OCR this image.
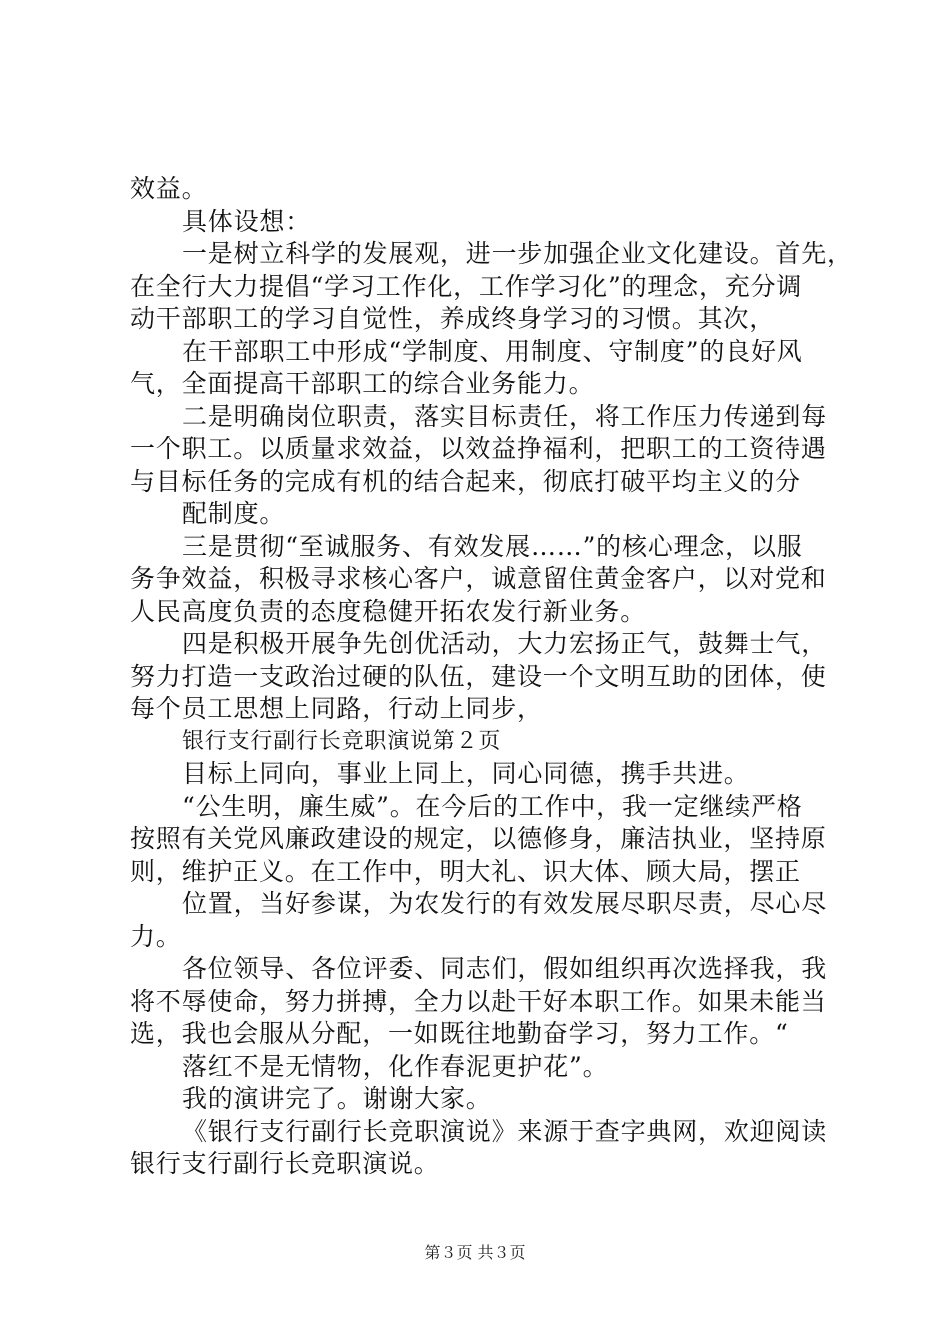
效益。
具体设想：
一是树立科学的发展观，进一步加强企业文化建设。首先，
在全行大力提倡“学习工作化，工作学习化”的理念，充分调
动干部职工的学习自觉性，养成终身学习的习惯。其次，
在干部职工中形成“学制度、用制度、守制度”的良好风
气，全面提高干部职工的综合业务能力。
二是明确岗位职责，落实目标责任，将工作压力传递到每
一个职工。以质量求效益，以效益挣福利，把职工的工资待遇
与目标任务的完成有机的结合起来，彻底打破平均主义的分
配制度。
三是贯彻“至诚服务、有效发展……”的核心理念，以服
务争效益，积极寻求核心客户，诚意留住黄金客户，以对党和
人民高度负责的态度稳健开拓农发行新业务。
四是积极开展争先创优活动，大力宏扬正气，鼓舞士气，
努力打造一支政治过硬的队伍，建设一个文明互助的团体，使
每个员工思想上同路，行动上同步，
银行支行副行长竞职演说第２页
目标上同向，事业上同上，同心同德，携手共进。
“公生明，廉生威”。在今后的工作中，我一定继续严格
按照有关党风廉政建设的规定，以德修身，廉洁执业，坚持原
则，维护正义。在工作中，明大礼、识大体、顾大局，摆正
位置，当好参谋，为农发行的有效发展尽职尽责，尽心尽
力。
各位领导、各位评委、同志们，假如组织再次选择我，我
将不辱使命，努力拼搏，全力以赴干好本职工作。如果未能当
选，我也会服从分配，一如既往地勤奋学习，努力工作。“
落红不是无情物，化作春泥更护花”。
我的演讲完了。谢谢大家。
《银行支行副行长竞职演说》来源于查字典网，欢迎阅读
银行支行副行长竞职演说。
第３页 共３页
